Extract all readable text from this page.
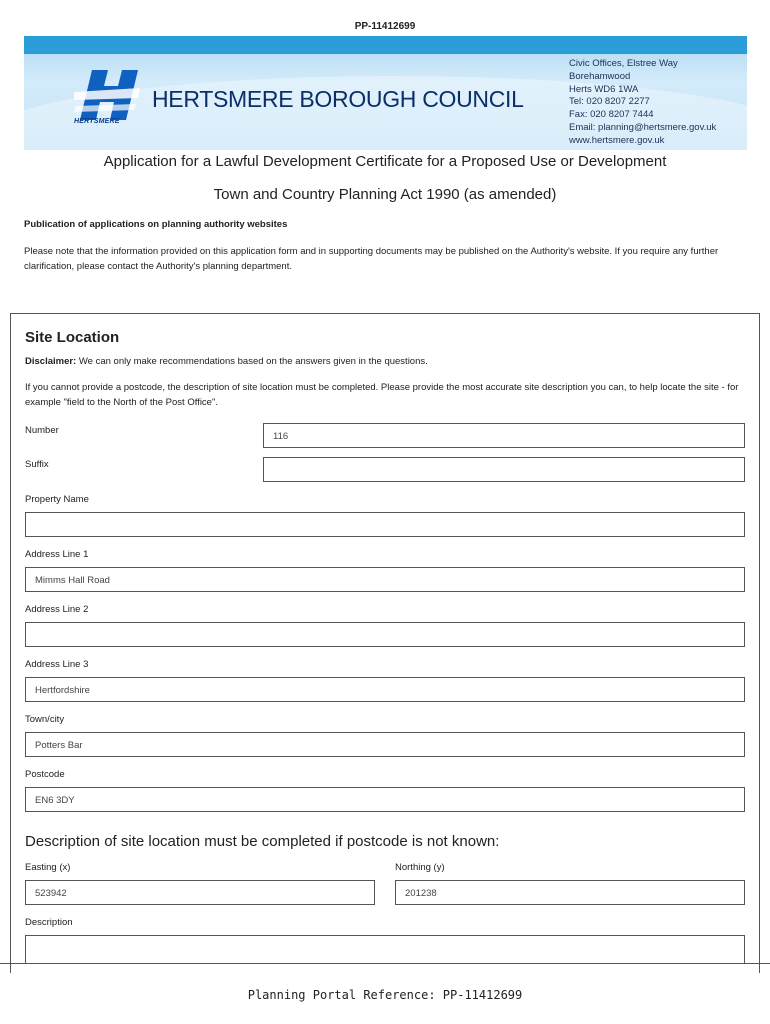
PP-11412699
HERTSMERE
HERTSMERE BOROUGH COUNCIL
Civic Offices, Elstree Way
Borehamwood
Herts WD6 1WA
Tel: 020 8207 2277
Fax: 020 8207 7444
Email: planning@hertsmere.gov.uk
www.hertsmere.gov.uk
Application for a Lawful Development Certificate for a Proposed Use or Development
Town and Country Planning Act 1990 (as amended)
Publication of applications on planning authority websites
Please note that the information provided on this application form and in supporting documents may be published on the Authority's website. If you require any further clarification, please contact the Authority's planning department.
Site Location
Disclaimer: We can only make recommendations based on the answers given in the questions.
If you cannot provide a postcode, the description of site location must be completed. Please provide the most accurate site description you can, to help locate the site - for example "field to the North of the Post Office".
Number
116
Suffix
Property Name
Address Line 1
Mimms Hall Road
Address Line 2
Address Line 3
Hertfordshire
Town/city
Potters Bar
Postcode
EN6 3DY
Description of site location must be completed if postcode is not known:
Easting (x)
523942
Northing (y)
201238
Description
Planning Portal Reference: PP-11412699
